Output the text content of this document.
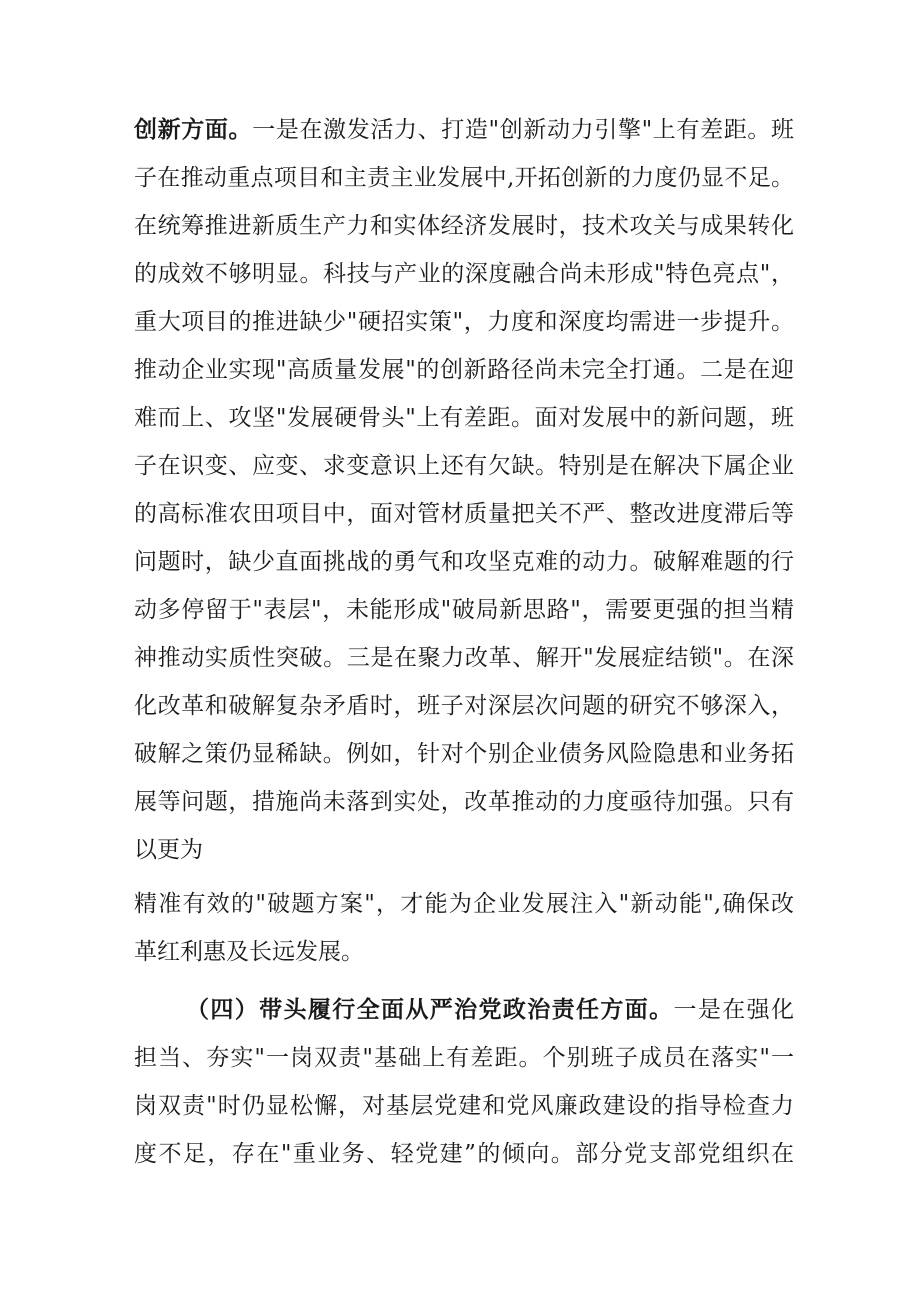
创新方面。一是在激发活力、打造"创新动力引擎"上有差距。班
子在推动重点项目和主责主业发展中,开拓创新的力度仍显不足。
在统筹推进新质生产力和实体经济发展时，技术攻关与成果转化
的成效不够明显。科技与产业的深度融合尚未形成"特色亮点"，
重大项目的推进缺少"硬招实策"，力度和深度均需进一步提升。
推动企业实现"高质量发展"的创新路径尚未完全打通。二是在迎
难而上、攻坚"发展硬骨头"上有差距。面对发展中的新问题，班
子在识变、应变、求变意识上还有欠缺。特别是在解决下属企业
的高标准农田项目中，面对管材质量把关不严、整改进度滞后等
问题时，缺少直面挑战的勇气和攻坚克难的动力。破解难题的行
动多停留于"表层"，未能形成"破局新思路"，需要更强的担当精
神推动实质性突破。三是在聚力改革、解开"发展症结锁"。在深
化改革和破解复杂矛盾时，班子对深层次问题的研究不够深入，
破解之策仍显稀缺。例如，针对个别企业债务风险隐患和业务拓
展等问题，措施尚未落到实处，改革推动的力度亟待加强。只有
以更为
精准有效的"破题方案"，才能为企业发展注入"新动能",确保改
革红利惠及长远发展。
（四）带头履行全面从严治党政治责任方面。一是在强化
担当、夯实"一岗双责"基础上有差距。个别班子成员在落实"一
岗双责"时仍显松懈，对基层党建和党风廉政建设的指导检查力
度不足，存在"重业务、轻党建”的倾向。部分党支部党组织在
